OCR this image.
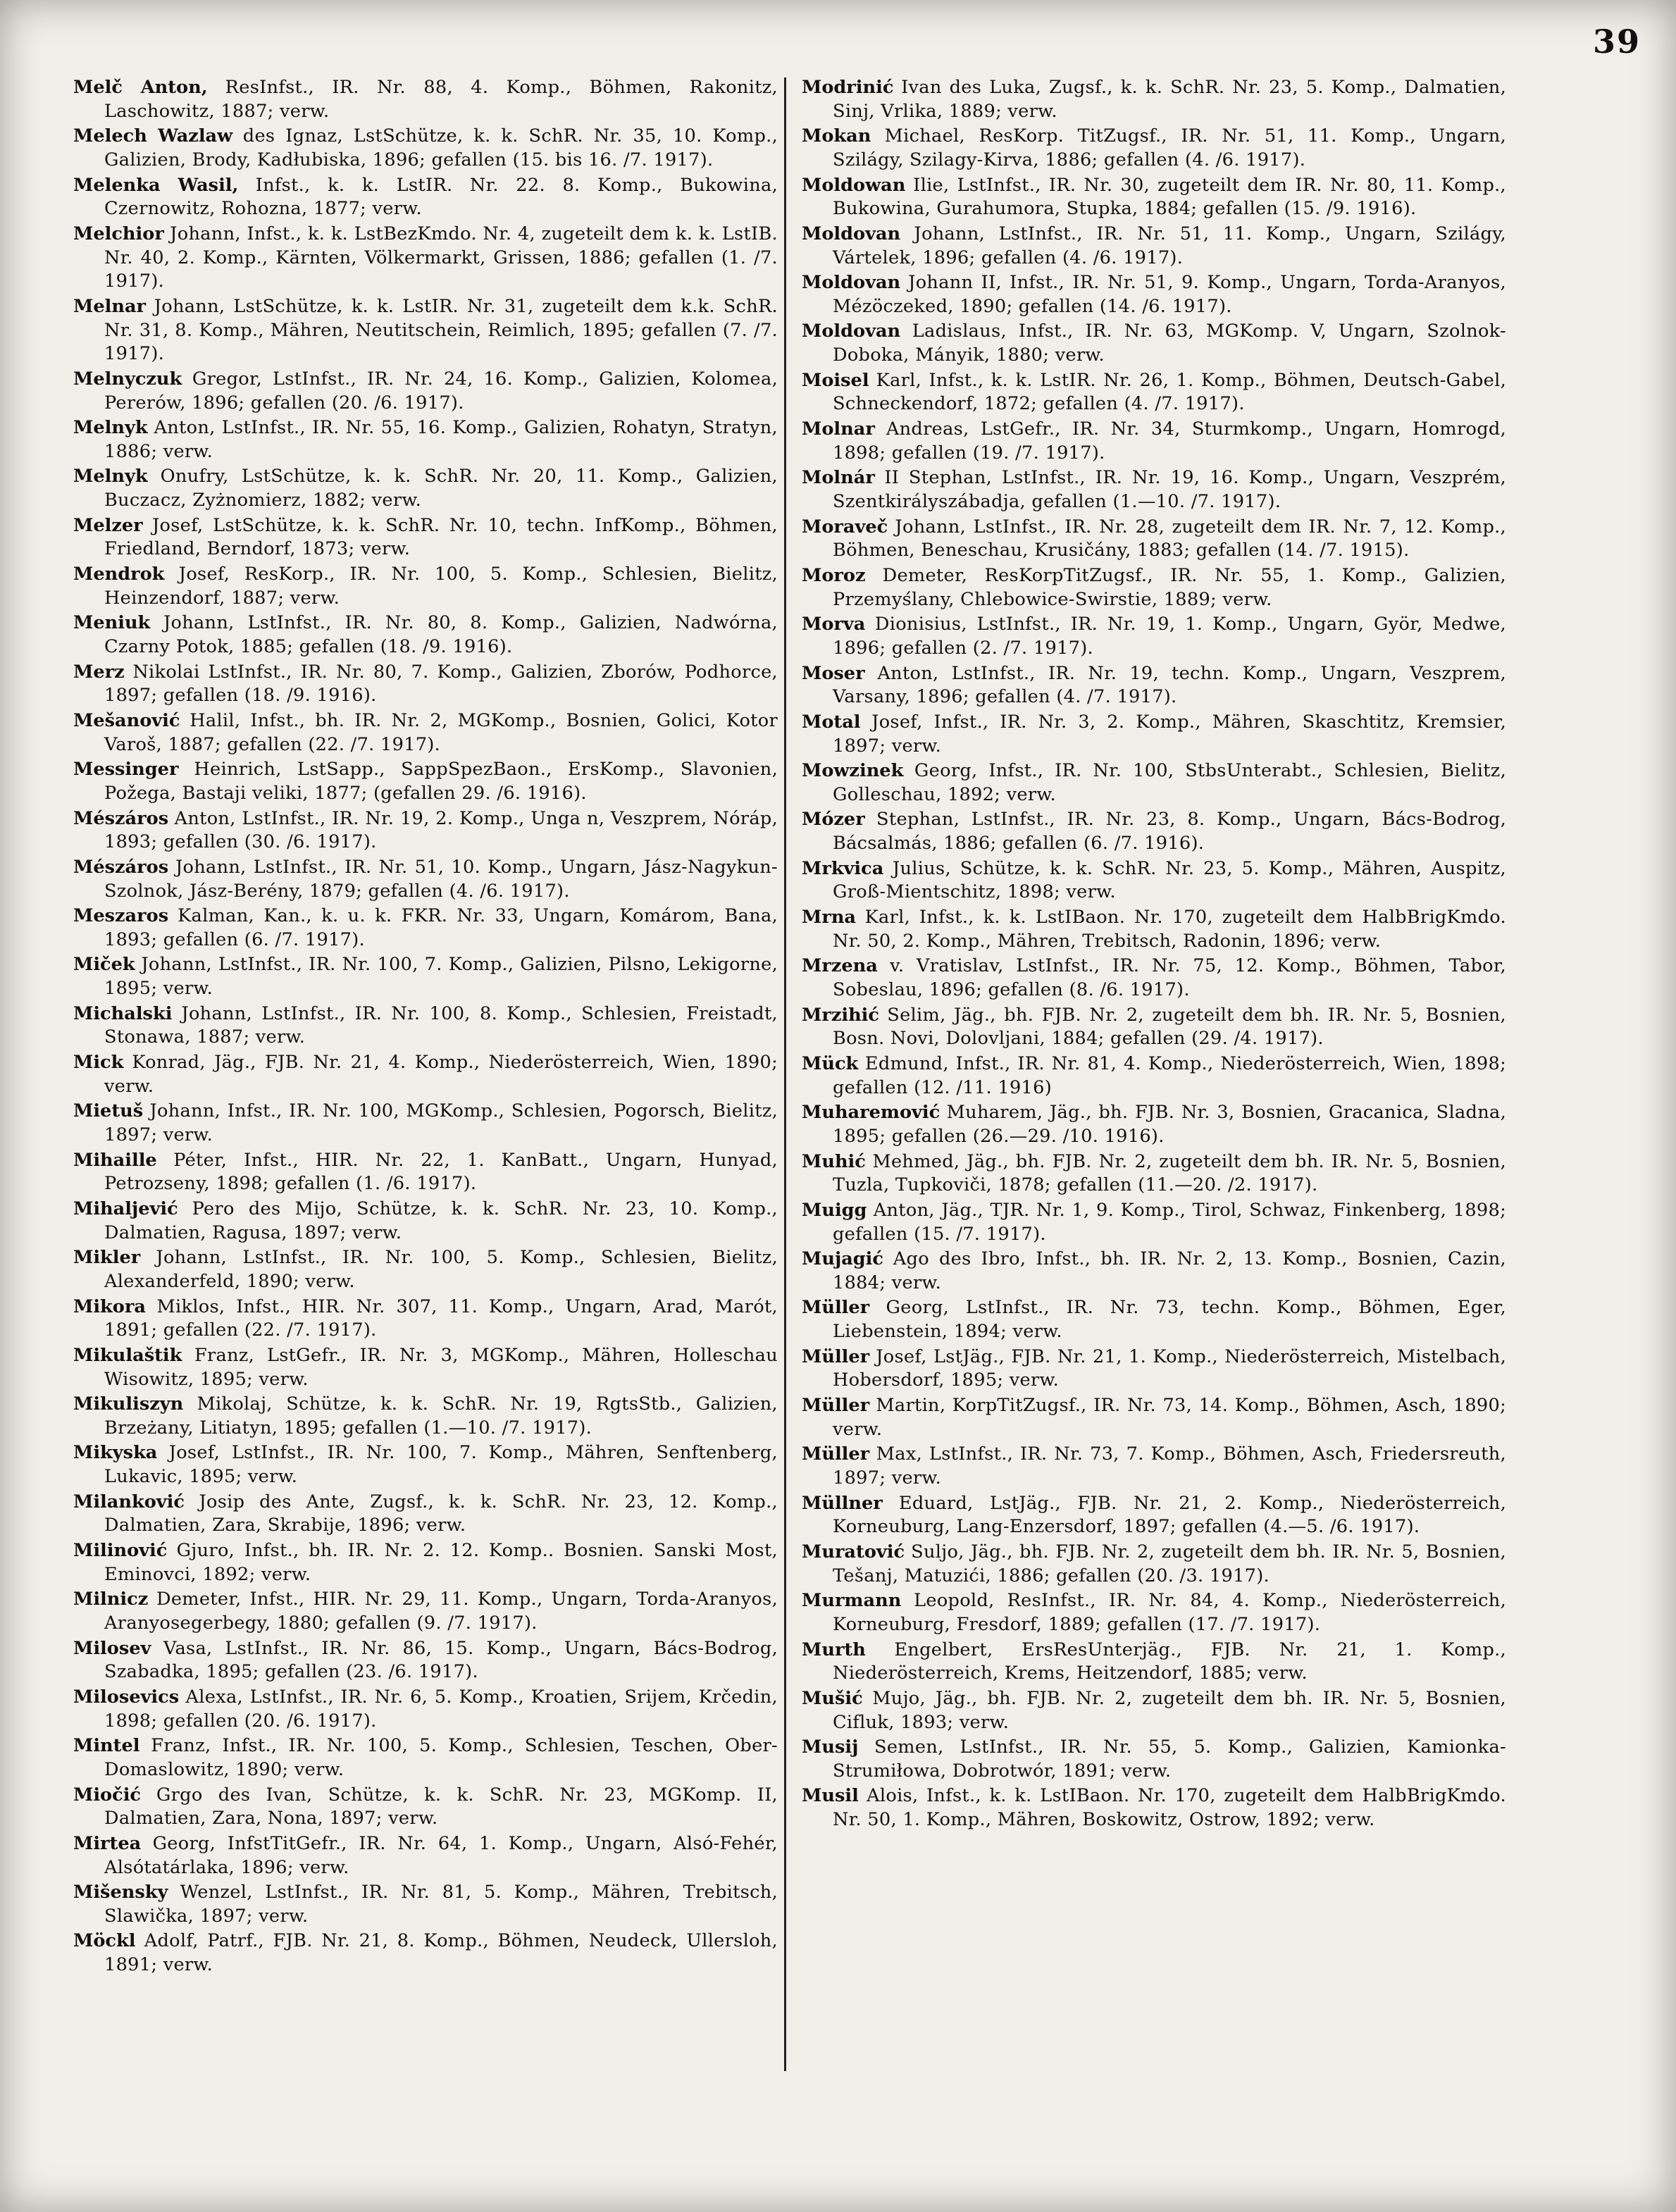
39

Melč Anton, ResInfst., IR. Nr. 88, 4. Komp., Böhmen, Rakonitz, Laschowitz, 1887; verw.

Melech Wazlaw des Ignaz, LstSchütze, k. k. SchR. Nr. 35, 10. Komp., Galizien, Brody, Kadłubiska, 1896; gefallen (15. bis 16. /7. 1917).

Melenka Wasil, Infst., k. k. LstIR. Nr. 22. 8. Komp., Bukowina, Czernowitz, Rohozna, 1877; verw.

Melchior Johann, Infst., k. k. LstBezKmdo. Nr. 4, zugeteilt dem k. k. LstIB. Nr. 40, 2. Komp., Kärnten, Völkermarkt, Grissen, 1886; gefallen (1. /7. 1917).

Melnar Johann, LstSchütze, k. k. LstIR. Nr. 31, zugeteilt dem k.k. SchR. Nr. 31, 8. Komp., Mähren, Neutitschein, Reimlich, 1895; gefallen (7. /7. 1917).

Melnyczuk Gregor, LstInfst., IR. Nr. 24, 16. Komp., Galizien, Kolomea, Pererów, 1896; gefallen (20. /6. 1917).

Melnyk Anton, LstInfst., IR. Nr. 55, 16. Komp., Galizien, Rohatyn, Stratyn, 1886; verw.

Melnyk Onufry, LstSchütze, k. k. SchR. Nr. 20, 11. Komp., Galizien, Buczacz, Zyżnomierz, 1882; verw.

Melzer Josef, LstSchütze, k. k. SchR. Nr. 10, techn. InfKomp., Böhmen, Friedland, Berndorf, 1873; verw.

Mendrok Josef, ResKorp., IR. Nr. 100, 5. Komp., Schlesien, Bielitz, Heinzendorf, 1887; verw.

Meniuk Johann, LstInfst., IR. Nr. 80, 8. Komp., Galizien, Nadwórna, Czarny Potok, 1885; gefallen (18. /9. 1916).

Merz Nikolai LstInfst., IR. Nr. 80, 7. Komp., Galizien, Zborów, Podhorce, 1897; gefallen (18. /9. 1916).

Mešanović Halil, Infst., bh. IR. Nr. 2, MGKomp., Bosnien, Golici, Kotor Varoš, 1887; gefallen (22. /7. 1917).

Messinger Heinrich, LstSapp., SappSpezBaon., ErsKomp., Slavonien, Požega, Bastaji veliki, 1877; (gefallen 29. /6. 1916).

Mészáros Anton, LstInfst., IR. Nr. 19, 2. Komp., Unga n, Veszprem, Nóráp, 1893; gefallen (30. /6. 1917).

Mészáros Johann, LstInfst., IR. Nr. 51, 10. Komp., Ungarn, Jász-Nagykun-Szolnok, Jász-Berény, 1879; gefallen (4. /6. 1917).

Meszaros Kalman, Kan., k. u. k. FKR. Nr. 33, Ungarn, Komárom, Bana, 1893; gefallen (6. /7. 1917).

Miček Johann, LstInfst., IR. Nr. 100, 7. Komp., Galizien, Pilsno, Lekigorne, 1895; verw.

Michalski Johann, LstInfst., IR. Nr. 100, 8. Komp., Schlesien, Freistadt, Stonawa, 1887; verw.

Mick Konrad, Jäg., FJB. Nr. 21, 4. Komp., Niederösterreich, Wien, 1890; verw.

Mietuš Johann, Infst., IR. Nr. 100, MGKomp., Schlesien, Pogorsch, Bielitz, 1897; verw.

Mihaille Péter, Infst., HIR. Nr. 22, 1. KanBatt., Ungarn, Hunyad, Petrozseny, 1898; gefallen (1. /6. 1917).

Mihaljević Pero des Mijo, Schütze, k. k. SchR. Nr. 23, 10. Komp., Dalmatien, Ragusa, 1897; verw.

Mikler Johann, LstInfst., IR. Nr. 100, 5. Komp., Schlesien, Bielitz, Alexanderfeld, 1890; verw.

Mikora Miklos, Infst., HIR. Nr. 307, 11. Komp., Ungarn, Arad, Marót, 1891; gefallen (22. /7. 1917).

Mikulaštik Franz, LstGefr., IR. Nr. 3, MGKomp., Mähren, Holleschau Wisowitz, 1895; verw.

Mikuliszyn Mikolaj, Schütze, k. k. SchR. Nr. 19, RgtsStb., Galizien, Brzeżany, Litiatyn, 1895; gefallen (1.—10. /7. 1917).

Mikyska Josef, LstInfst., IR. Nr. 100, 7. Komp., Mähren, Senftenberg, Lukavic, 1895; verw.

Milanković Josip des Ante, Zugsf., k. k. SchR. Nr. 23, 12. Komp., Dalmatien, Zara, Skrabije, 1896; verw.

Milinović Gjuro, Infst., bh. IR. Nr. 2. 12. Komp.. Bosnien. Sanski Most, Eminovci, 1892; verw.

Milnicz Demeter, Infst., HIR. Nr. 29, 11. Komp., Ungarn, Torda-Aranyos, Aranyosegerbegy, 1880; gefallen (9. /7. 1917).

Milosev Vasa, LstInfst., IR. Nr. 86, 15. Komp., Ungarn, Bács-Bodrog, Szabadka, 1895; gefallen (23. /6. 1917).

Milosevics Alexa, LstInfst., IR. Nr. 6, 5. Komp., Kroatien, Srijem, Krčedin, 1898; gefallen (20. /6. 1917).

Mintel Franz, Infst., IR. Nr. 100, 5. Komp., Schlesien, Teschen, Ober-Domaslowitz, 1890; verw.

Miočić Grgo des Ivan, Schütze, k. k. SchR. Nr. 23, MGKomp. II, Dalmatien, Zara, Nona, 1897; verw.

Mirtea Georg, InfstTitGefr., IR. Nr. 64, 1. Komp., Ungarn, Alsó-Fehér, Alsótatárlaka, 1896; verw.

Mišensky Wenzel, LstInfst., IR. Nr. 81, 5. Komp., Mähren, Trebitsch, Slawička, 1897; verw.

Möckl Adolf, Patrf., FJB. Nr. 21, 8. Komp., Böhmen, Neudeck, Ullersloh, 1891; verw.

Modrinić Ivan des Luka, Zugsf., k. k. SchR. Nr. 23, 5. Komp., Dalmatien, Sinj, Vrlika, 1889; verw.

Mokan Michael, ResKorp. TitZugsf., IR. Nr. 51, 11. Komp., Ungarn, Szilágy, Szilagy-Kirva, 1886; gefallen (4. /6. 1917).

Moldowan Ilie, LstInfst., IR. Nr. 30, zugeteilt dem IR. Nr. 80, 11. Komp., Bukowina, Gurahumora, Stupka, 1884; gefallen (15. /9. 1916).

Moldovan Johann, LstInfst., IR. Nr. 51, 11. Komp., Ungarn, Szilágy, Vártelek, 1896; gefallen (4. /6. 1917).

Moldovan Johann II, Infst., IR. Nr. 51, 9. Komp., Ungarn, Torda-Aranyos, Mézöczeked, 1890; gefallen (14. /6. 1917).

Moldovan Ladislaus, Infst., IR. Nr. 63, MGKomp. V, Ungarn, Szolnok-Doboka, Mányik, 1880; verw.

Moisel Karl, Infst., k. k. LstIR. Nr. 26, 1. Komp., Böhmen, Deutsch-Gabel, Schneckendorf, 1872; gefallen (4. /7. 1917).

Molnar Andreas, LstGefr., IR. Nr. 34, Sturmkomp., Ungarn, Homrogd, 1898; gefallen (19. /7. 1917).

Molnár II Stephan, LstInfst., IR. Nr. 19, 16. Komp., Ungarn, Veszprém, Szentkirályszábadja, gefallen (1.—10. /7. 1917).

Moraveč Johann, LstInfst., IR. Nr. 28, zugeteilt dem IR. Nr. 7, 12. Komp., Böhmen, Beneschau, Krusičány, 1883; gefallen (14. /7. 1915).

Moroz Demeter, ResKorpTitZugsf., IR. Nr. 55, 1. Komp., Galizien, Przemyślany, Chlebowice-Swirstie, 1889; verw.

Morva Dionisius, LstInfst., IR. Nr. 19, 1. Komp., Ungarn, Györ, Medwe, 1896; gefallen (2. /7. 1917).

Moser Anton, LstInfst., IR. Nr. 19, techn. Komp., Ungarn, Veszprem, Varsany, 1896; gefallen (4. /7. 1917).

Motal Josef, Infst., IR. Nr. 3, 2. Komp., Mähren, Skaschtitz, Kremsier, 1897; verw.

Mowzinek Georg, Infst., IR. Nr. 100, StbsUnterabt., Schlesien, Bielitz, Golleschau, 1892; verw.

Mózer Stephan, LstInfst., IR. Nr. 23, 8. Komp., Ungarn, Bács-Bodrog, Bácsalmás, 1886; gefallen (6. /7. 1916).

Mrkvica Julius, Schütze, k. k. SchR. Nr. 23, 5. Komp., Mähren, Auspitz, Groß-Mientschitz, 1898; verw.

Mrna Karl, Infst., k. k. LstIBaon. Nr. 170, zugeteilt dem HalbBrigKmdo. Nr. 50, 2. Komp., Mähren, Trebitsch, Radonin, 1896; verw.

Mrzena v. Vratislav, LstInfst., IR. Nr. 75, 12. Komp., Böhmen, Tabor, Sobeslau, 1896; gefallen (8. /6. 1917).

Mrzihić Selim, Jäg., bh. FJB. Nr. 2, zugeteilt dem bh. IR. Nr. 5, Bosnien, Bosn. Novi, Dolovljani, 1884; gefallen (29. /4. 1917).

Mück Edmund, Infst., IR. Nr. 81, 4. Komp., Niederösterreich, Wien, 1898; gefallen (12. /11. 1916)

Muharemović Muharem, Jäg., bh. FJB. Nr. 3, Bosnien, Gracanica, Sladna, 1895; gefallen (26.—29. /10. 1916).

Muhić Mehmed, Jäg., bh. FJB. Nr. 2, zugeteilt dem bh. IR. Nr. 5, Bosnien, Tuzla, Tupkoviči, 1878; gefallen (11.—20. /2. 1917).

Muigg Anton, Jäg., TJR. Nr. 1, 9. Komp., Tirol, Schwaz, Finkenberg, 1898; gefallen (15. /7. 1917).

Mujagić Ago des Ibro, Infst., bh. IR. Nr. 2, 13. Komp., Bosnien, Cazin, 1884; verw.

Müller Georg, LstInfst., IR. Nr. 73, techn. Komp., Böhmen, Eger, Liebenstein, 1894; verw.

Müller Josef, LstJäg., FJB. Nr. 21, 1. Komp., Niederösterreich, Mistelbach, Hobersdorf, 1895; verw.

Müller Martin, KorpTitZugsf., IR. Nr. 73, 14. Komp., Böhmen, Asch, 1890; verw.

Müller Max, LstInfst., IR. Nr. 73, 7. Komp., Böhmen, Asch, Friedersreuth, 1897; verw.

Müllner Eduard, LstJäg., FJB. Nr. 21, 2. Komp., Niederösterreich, Korneuburg, Lang-Enzersdorf, 1897; gefallen (4.—5. /6. 1917).

Muratović Suljo, Jäg., bh. FJB. Nr. 2, zugeteilt dem bh. IR. Nr. 5, Bosnien, Tešanj, Matuzići, 1886; gefallen (20. /3. 1917).

Murmann Leopold, ResInfst., IR. Nr. 84, 4. Komp., Niederösterreich, Korneuburg, Fresdorf, 1889; gefallen (17. /7. 1917).

Murth Engelbert, ErsResUnterjäg., FJB. Nr. 21, 1. Komp., Niederösterreich, Krems, Heitzendorf, 1885; verw.

Mušić Mujo, Jäg., bh. FJB. Nr. 2, zugeteilt dem bh. IR. Nr. 5, Bosnien, Cifluk, 1893; verw.

Musij Semen, LstInfst., IR. Nr. 55, 5. Komp., Galizien, Kamionka-Strumiłowa, Dobrotwór, 1891; verw.

Musil Alois, Infst., k. k. LstIBaon. Nr. 170, zugeteilt dem HalbBrigKmdo. Nr. 50, 1. Komp., Mähren, Boskowitz, Ostrow, 1892; verw.
